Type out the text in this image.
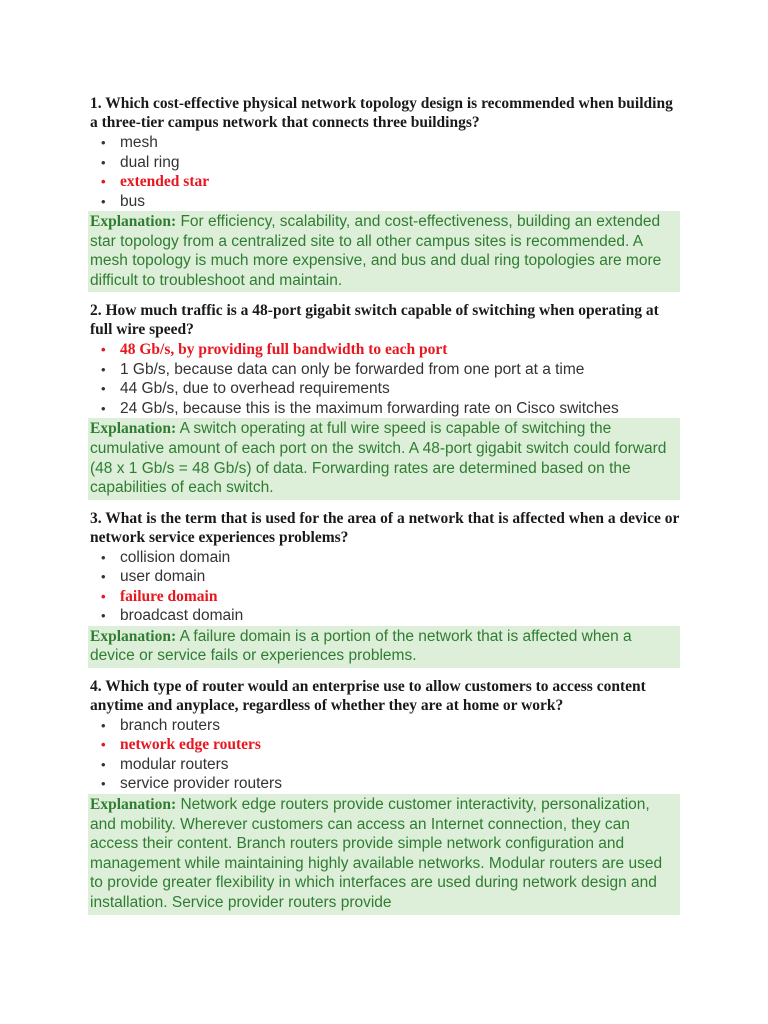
1. Which cost-effective physical network topology design is recommended when building a three-tier campus network that connects three buildings?

• mesh
• dual ring
• extended star
• bus
Explanation: For efficiency, scalability, and cost-effectiveness, building an extended star topology from a centralized site to all other campus sites is recommended. A mesh topology is much more expensive, and bus and dual ring topologies are more difficult to troubleshoot and maintain.

2. How much traffic is a 48-port gigabit switch capable of switching when operating at full wire speed?

• 48 Gb/s, by providing full bandwidth to each port
• 1 Gb/s, because data can only be forwarded from one port at a time
• 44 Gb/s, due to overhead requirements
• 24 Gb/s, because this is the maximum forwarding rate on Cisco switches
Explanation: A switch operating at full wire speed is capable of switching the cumulative amount of each port on the switch. A 48-port gigabit switch could forward (48 x 1 Gb/s = 48 Gb/s) of data. Forwarding rates are determined based on the capabilities of each switch.

3. What is the term that is used for the area of a network that is affected when a device or network service experiences problems?

• collision domain
• user domain
• failure domain
• broadcast domain
Explanation: A failure domain is a portion of the network that is affected when a device or service fails or experiences problems.

4. Which type of router would an enterprise use to allow customers to access content anytime and anyplace, regardless of whether they are at home or work?

• branch routers
• network edge routers
• modular routers
• service provider routers
Explanation: Network edge routers provide customer interactivity, personalization, and mobility. Wherever customers can access an Internet connection, they can access their content. Branch routers provide simple network configuration and management while maintaining highly available networks. Modular routers are used to provide greater flexibility in which interfaces are used during network design and installation. Service provider routers provide
